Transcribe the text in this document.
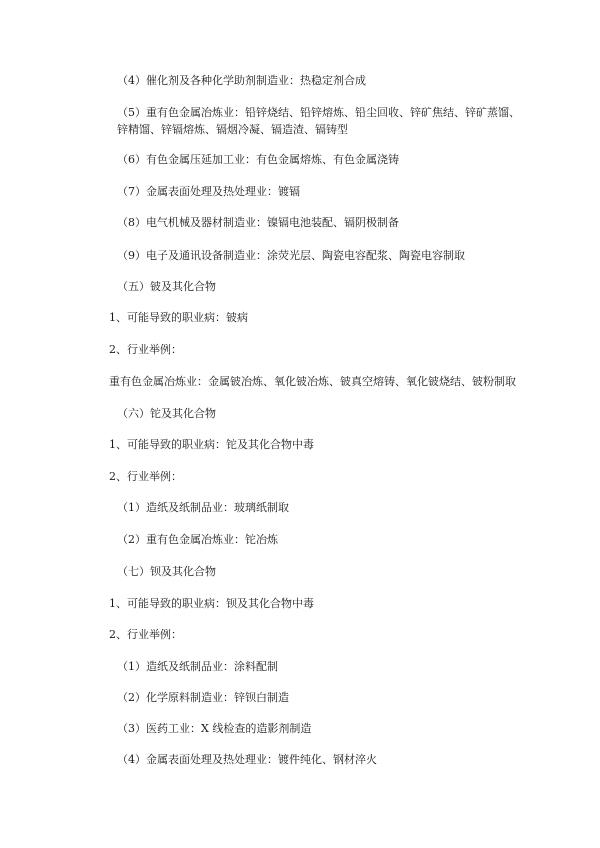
（4）催化剂及各种化学助剂制造业：热稳定剂合成
（5）重有色金属冶炼业：铅锌烧结、铅锌熔炼、铅尘回收、锌矿焦结、锌矿蒸馏、锌精馏、锌镉熔炼、镉烟冷凝、镉造渣、镉铸型
（6）有色金属压延加工业：有色金属熔炼、有色金属浇铸
（7）金属表面处理及热处理业：镀镉
（8）电气机械及器材制造业：镍镉电池装配、镉阴极制备
（9）电子及通讯设备制造业：涂荧光层、陶瓷电容配浆、陶瓷电容制取
（五）铍及其化合物
1、可能导致的职业病：铍病
2、行业举例：
重有色金属冶炼业：金属铍冶炼、氧化铍冶炼、铍真空熔铸、氧化铍烧结、铍粉制取
（六）铊及其化合物
1、可能导致的职业病：铊及其化合物中毒
2、行业举例：
（1）造纸及纸制品业：玻璃纸制取
（2）重有色金属冶炼业：铊冶炼
（七）钡及其化合物
1、可能导致的职业病：钡及其化合物中毒
2、行业举例：
（1）造纸及纸制品业：涂料配制
（2）化学原料制造业：锌钡白制造
（3）医药工业：X 线检查的造影剂制造
（4）金属表面处理及热处理业：镀件纯化、钢材淬火
